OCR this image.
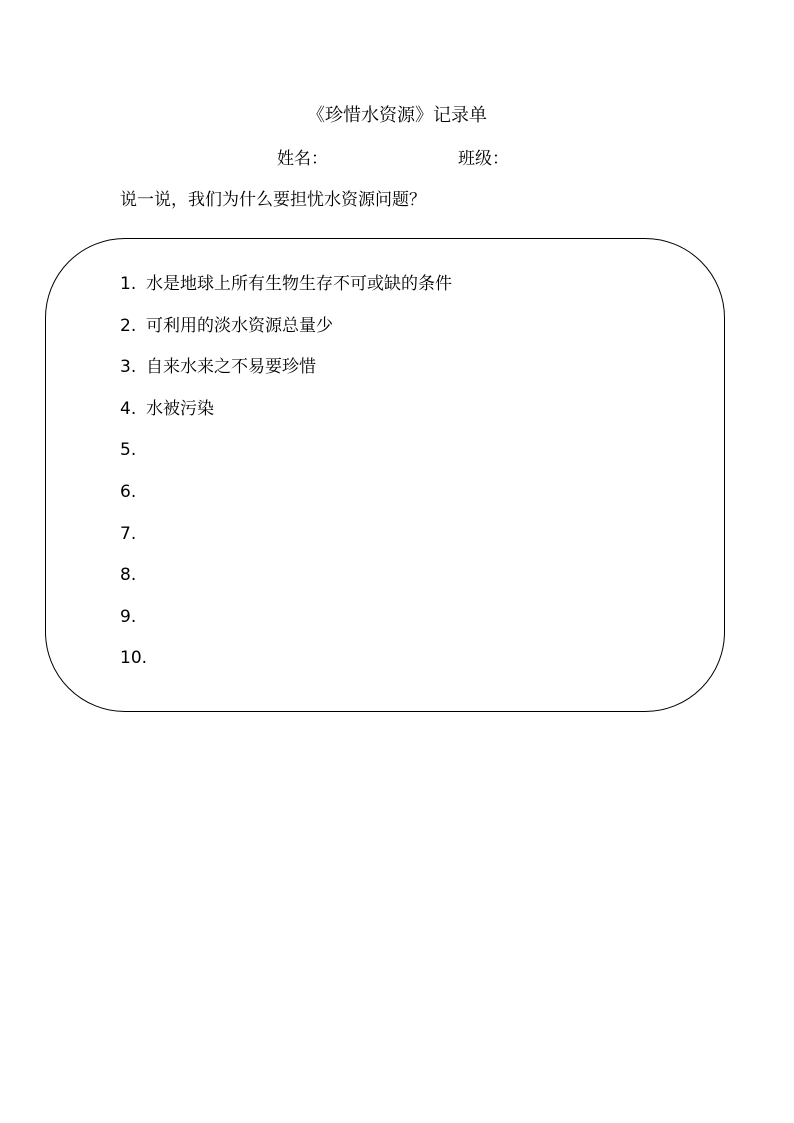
《珍惜水资源》记录单
姓名：	班级：
说一说，我们为什么要担忧水资源问题？
1. 水是地球上所有生物生存不可或缺的条件
2. 可利用的淡水资源总量少
3. 自来水来之不易要珍惜
4. 水被污染
5.
6.
7.
8.
9.
10.
